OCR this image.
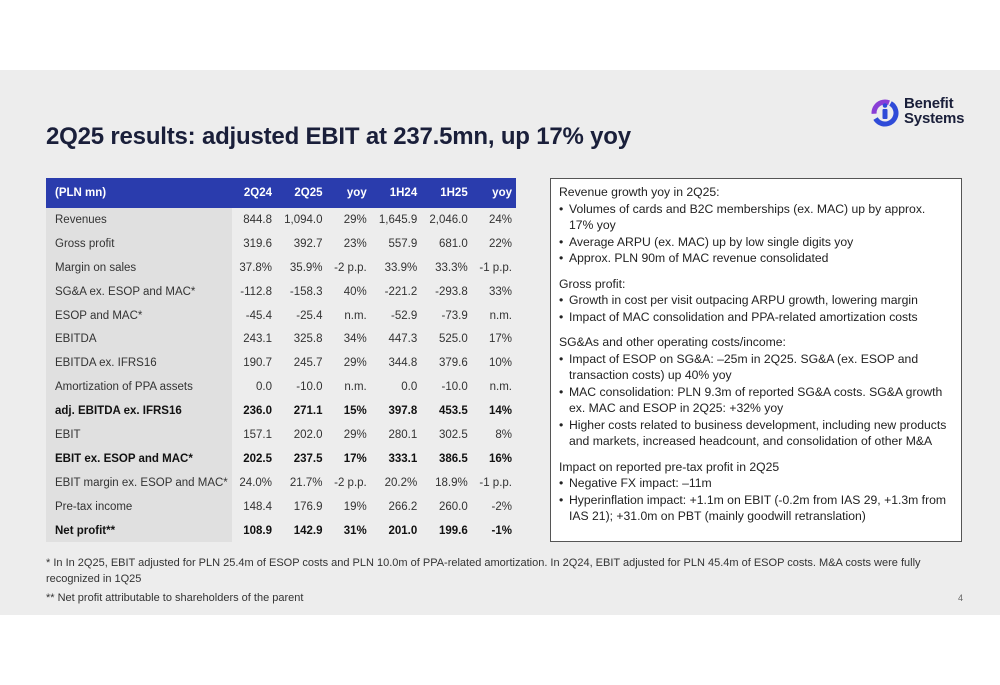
Benefit
Systems
2Q25 results: adjusted EBIT at 237.5mn, up 17% yoy
(PLN mn)	2Q24	2Q25	yoy	1H24	1H25	yoy
Revenues	844.8	1,094.0	29%	1,645.9	2,046.0	24%
Gross profit	319.6	392.7	23%	557.9	681.0	22%
Margin on sales	37.8%	35.9%	-2 p.p.	33.9%	33.3%	-1 p.p.
SG&A ex. ESOP and MAC*	-112.8	-158.3	40%	-221.2	-293.8	33%
ESOP and MAC*	-45.4	-25.4	n.m.	-52.9	-73.9	n.m.
EBITDA	243.1	325.8	34%	447.3	525.0	17%
EBITDA ex. IFRS16	190.7	245.7	29%	344.8	379.6	10%
Amortization of PPA assets	0.0	-10.0	n.m.	0.0	-10.0	n.m.
adj. EBITDA ex. IFRS16	236.0	271.1	15%	397.8	453.5	14%
EBIT	157.1	202.0	29%	280.1	302.5	8%
EBIT ex. ESOP and MAC*	202.5	237.5	17%	333.1	386.5	16%
EBIT margin ex. ESOP and MAC*	24.0%	21.7%	-2 p.p.	20.2%	18.9%	-1 p.p.
Pre-tax income	148.4	176.9	19%	266.2	260.0	-2%
Net profit**	108.9	142.9	31%	201.0	199.6	-1%

Revenue growth yoy in 2Q25:

• Volumes of cards and B2C memberships (ex. MAC) up by approx. 17% yoy
• Average ARPU (ex. MAC) up by low single digits yoy
• Approx. PLN 90m of MAC revenue consolidated

Gross profit:

• Growth in cost per visit outpacing ARPU growth, lowering margin
• Impact of MAC consolidation and PPA-related amortization costs

SG&As and other operating costs/income:

• Impact of ESOP on SG&A: –25m in 2Q25. SG&A (ex. ESOP and transaction costs) up 40% yoy
• MAC consolidation: PLN 9.3m of reported SG&A costs. SG&A growth ex. MAC and ESOP in 2Q25: +32% yoy
• Higher costs related to business development, including new products and markets, increased headcount, and consolidation of other M&A

Impact on reported pre-tax profit in 2Q25

• Negative FX impact: –11m
• Hyperinflation impact: +1.1m on EBIT (-0.2m from IAS 29, +1.3m from IAS 21); +31.0m on PBT (mainly goodwill retranslation)
* In In 2Q25, EBIT adjusted for PLN 25.4m of ESOP costs and PLN 10.0m of PPA-related amortization. In 2Q24, EBIT adjusted for PLN 45.4m of ESOP costs. M&A costs were fully recognized in 1Q25
** Net profit attributable to shareholders of the parent	4
